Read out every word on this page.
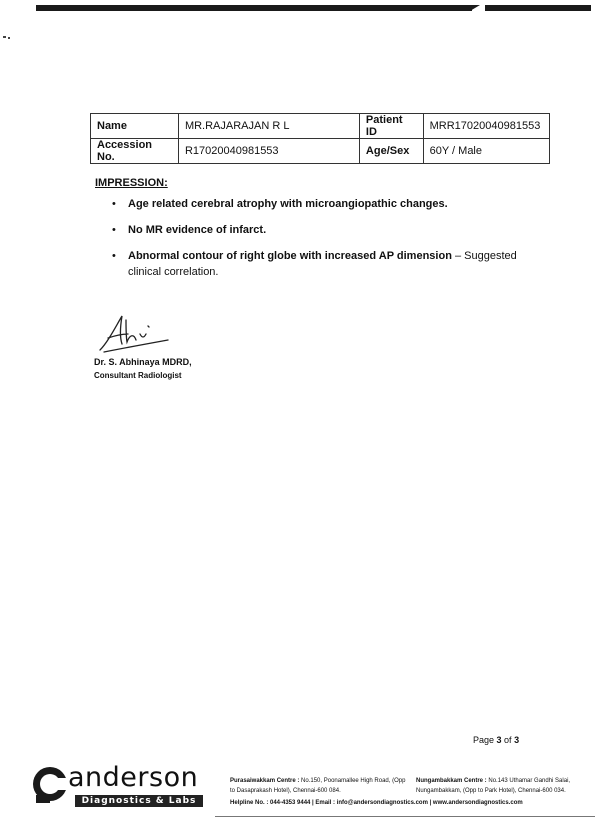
Name	MR.RAJARAJAN R L	Patient ID	MRR17020040981553
Accession No.	R17020040981553	Age/Sex	60Y / Male
IMPRESSION:
• Age related cerebral atrophy with microangiopathic changes.
• No MR evidence of infarct.
• Abnormal contour of right globe with increased AP dimension – Suggested clinical correlation.
Dr. S. Abhinaya MDRD,
Consultant Radiologist
Page 3 of 3
anderson
Diagnostics & Labs
Purasaiwakkam Centre : No.150, Poonamallee High Road, (Opp to Dasaprakash Hotel), Chennai-600 084.
Nungambakkam Centre : No.143 Uthamar Gandhi Salai, Nungambakkam, (Opp to Park Hotel), Chennai-600 034.
Helpline No. : 044-4353 9444 | Email : info@andersondiagnostics.com | www.andersondiagnostics.com
